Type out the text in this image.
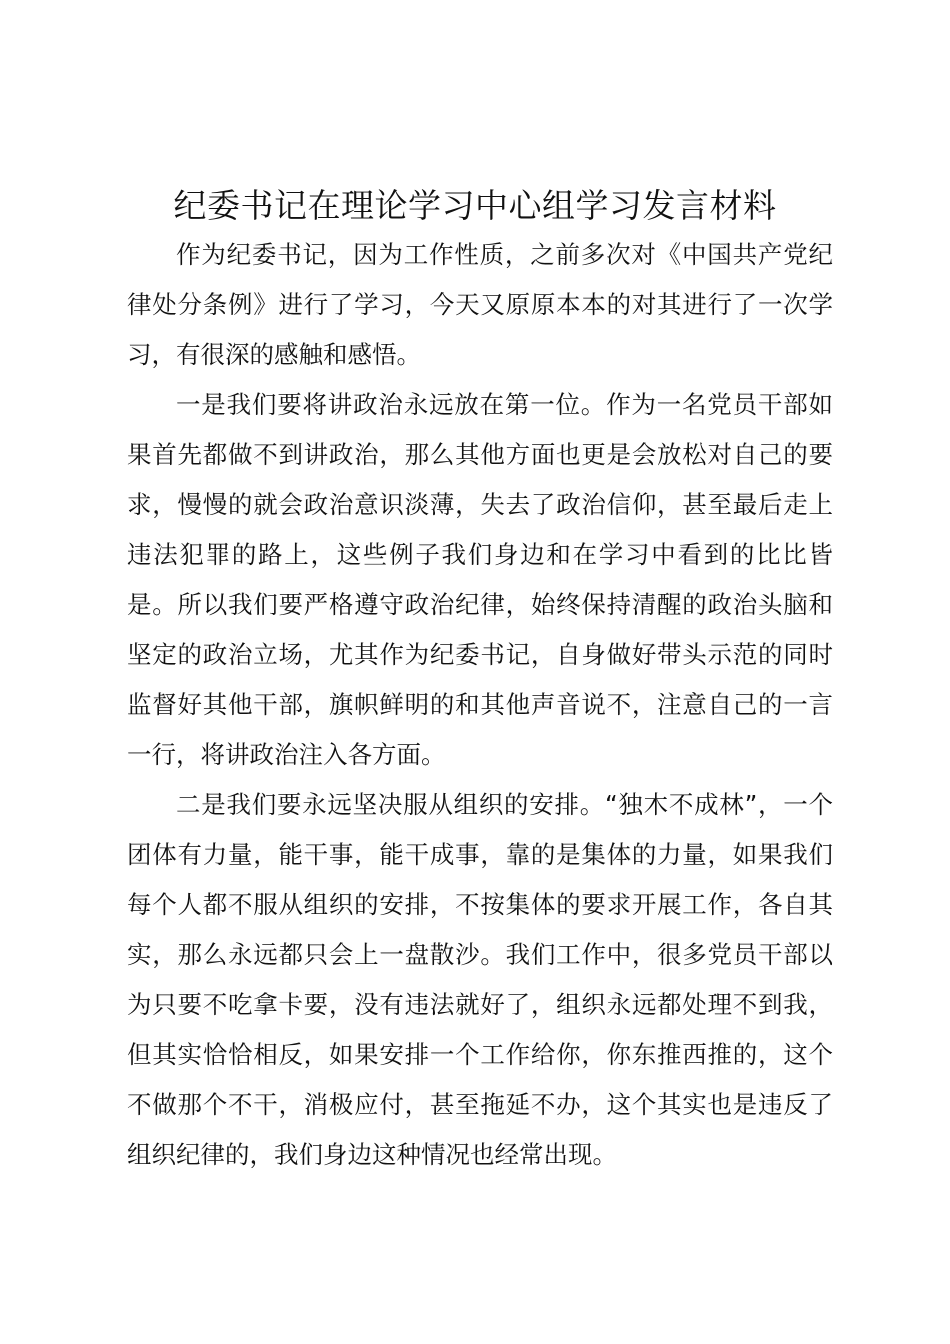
纪委书记在理论学习中心组学习发言材料

作为纪委书记，因为工作性质，之前多次对《中国共产党纪律处分条例》进行了学习，今天又原原本本的对其进行了一次学习，有很深的感触和感悟。

一是我们要将讲政治永远放在第一位。作为一名党员干部如果首先都做不到讲政治，那么其他方面也更是会放松对自己的要求，慢慢的就会政治意识淡薄，失去了政治信仰，甚至最后走上违法犯罪的路上，这些例子我们身边和在学习中看到的比比皆是。所以我们要严格遵守政治纪律，始终保持清醒的政治头脑和坚定的政治立场，尤其作为纪委书记，自身做好带头示范的同时监督好其他干部，旗帜鲜明的和其他声音说不，注意自己的一言一行，将讲政治注入各方面。

二是我们要永远坚决服从组织的安排。“独木不成林”，一个团体有力量，能干事，能干成事，靠的是集体的力量，如果我们每个人都不服从组织的安排，不按集体的要求开展工作，各自其实，那么永远都只会上一盘散沙。我们工作中，很多党员干部以为只要不吃拿卡要，没有违法就好了，组织永远都处理不到我，但其实恰恰相反，如果安排一个工作给你，你东推西推的，这个不做那个不干，消极应付，甚至拖延不办，这个其实也是违反了组织纪律的，我们身边这种情况也经常出现。
